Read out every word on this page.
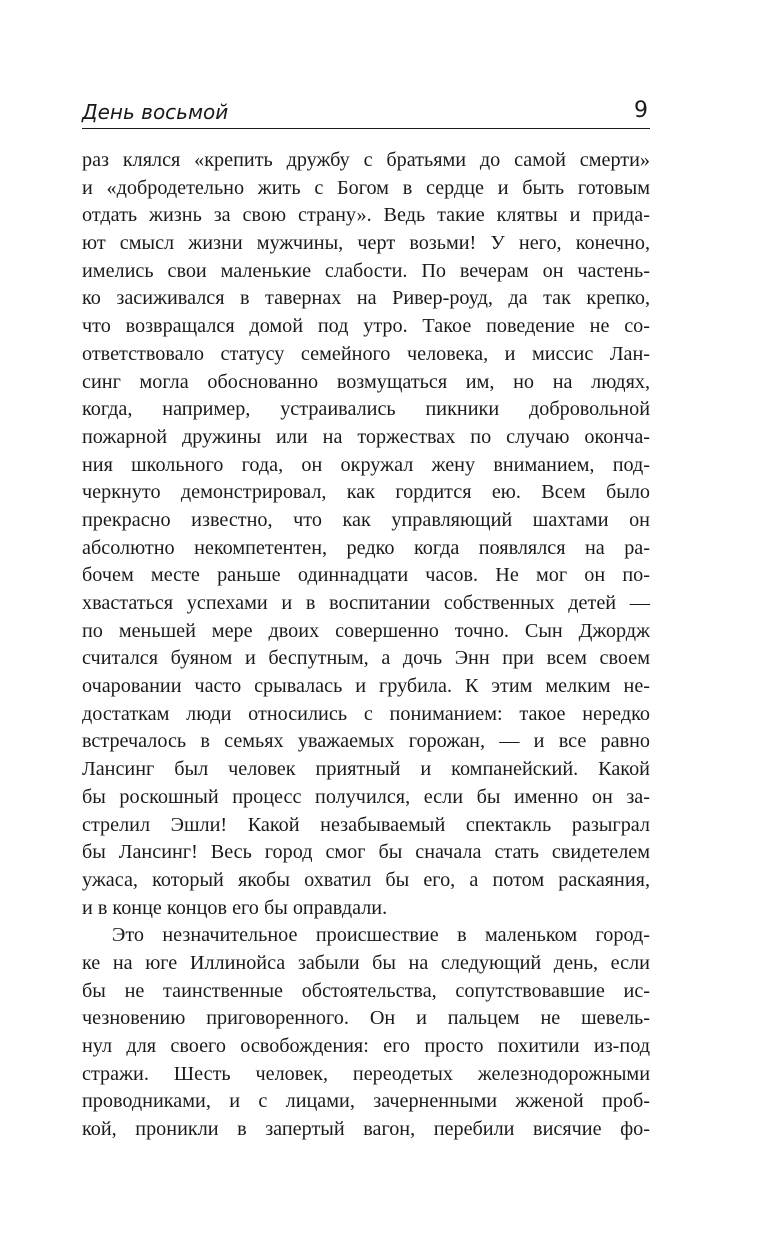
День восьмой	9
раз клялся «крепить дружбу с братьями до самой смерти»
и «добродетельно жить с Богом в сердце и быть готовым
отдать жизнь за свою страну». Ведь такие клятвы и прида-
ют смысл жизни мужчины, черт возьми! У него, конечно,
имелись свои маленькие слабости. По вечерам он частень-
ко засиживался в тавернах на Ривер-роуд, да так крепко,
что возвращался домой под утро. Такое поведение не со-
ответствовало статусу семейного человека, и миссис Лан-
синг могла обоснованно возмущаться им, но на людях,
когда, например, устраивались пикники добровольной
пожарной дружины или на торжествах по случаю оконча-
ния школьного года, он окружал жену вниманием, под-
черкнуто демонстрировал, как гордится ею. Всем было
прекрасно известно, что как управляющий шахтами он
абсолютно некомпетентен, редко когда появлялся на ра-
бочем месте раньше одиннадцати часов. Не мог он по-
хвастаться успехами и в воспитании собственных детей —
по меньшей мере двоих совершенно точно. Сын Джордж
считался буяном и беспутным, а дочь Энн при всем своем
очаровании часто срывалась и грубила. К этим мелким не-
достаткам люди относились с пониманием: такое нередко
встречалось в семьях уважаемых горожан, — и все равно
Лансинг был человек приятный и компанейский. Какой
бы роскошный процесс получился, если бы именно он за-
стрелил Эшли! Какой незабываемый спектакль разыграл
бы Лансинг! Весь город смог бы сначала стать свидетелем
ужаса, который якобы охватил бы его, а потом раскаяния,
и в конце концов его бы оправдали.
Это незначительное происшествие в маленьком город-
ке на юге Иллинойса забыли бы на следующий день, если
бы не таинственные обстоятельства, сопутствовавшие ис-
чезновению приговоренного. Он и пальцем не шевель-
нул для своего освобождения: его просто похитили из-под
стражи. Шесть человек, переодетых железнодорожными
проводниками, и с лицами, зачерненными жженой проб-
кой, проникли в запертый вагон, перебили висячие фо-
